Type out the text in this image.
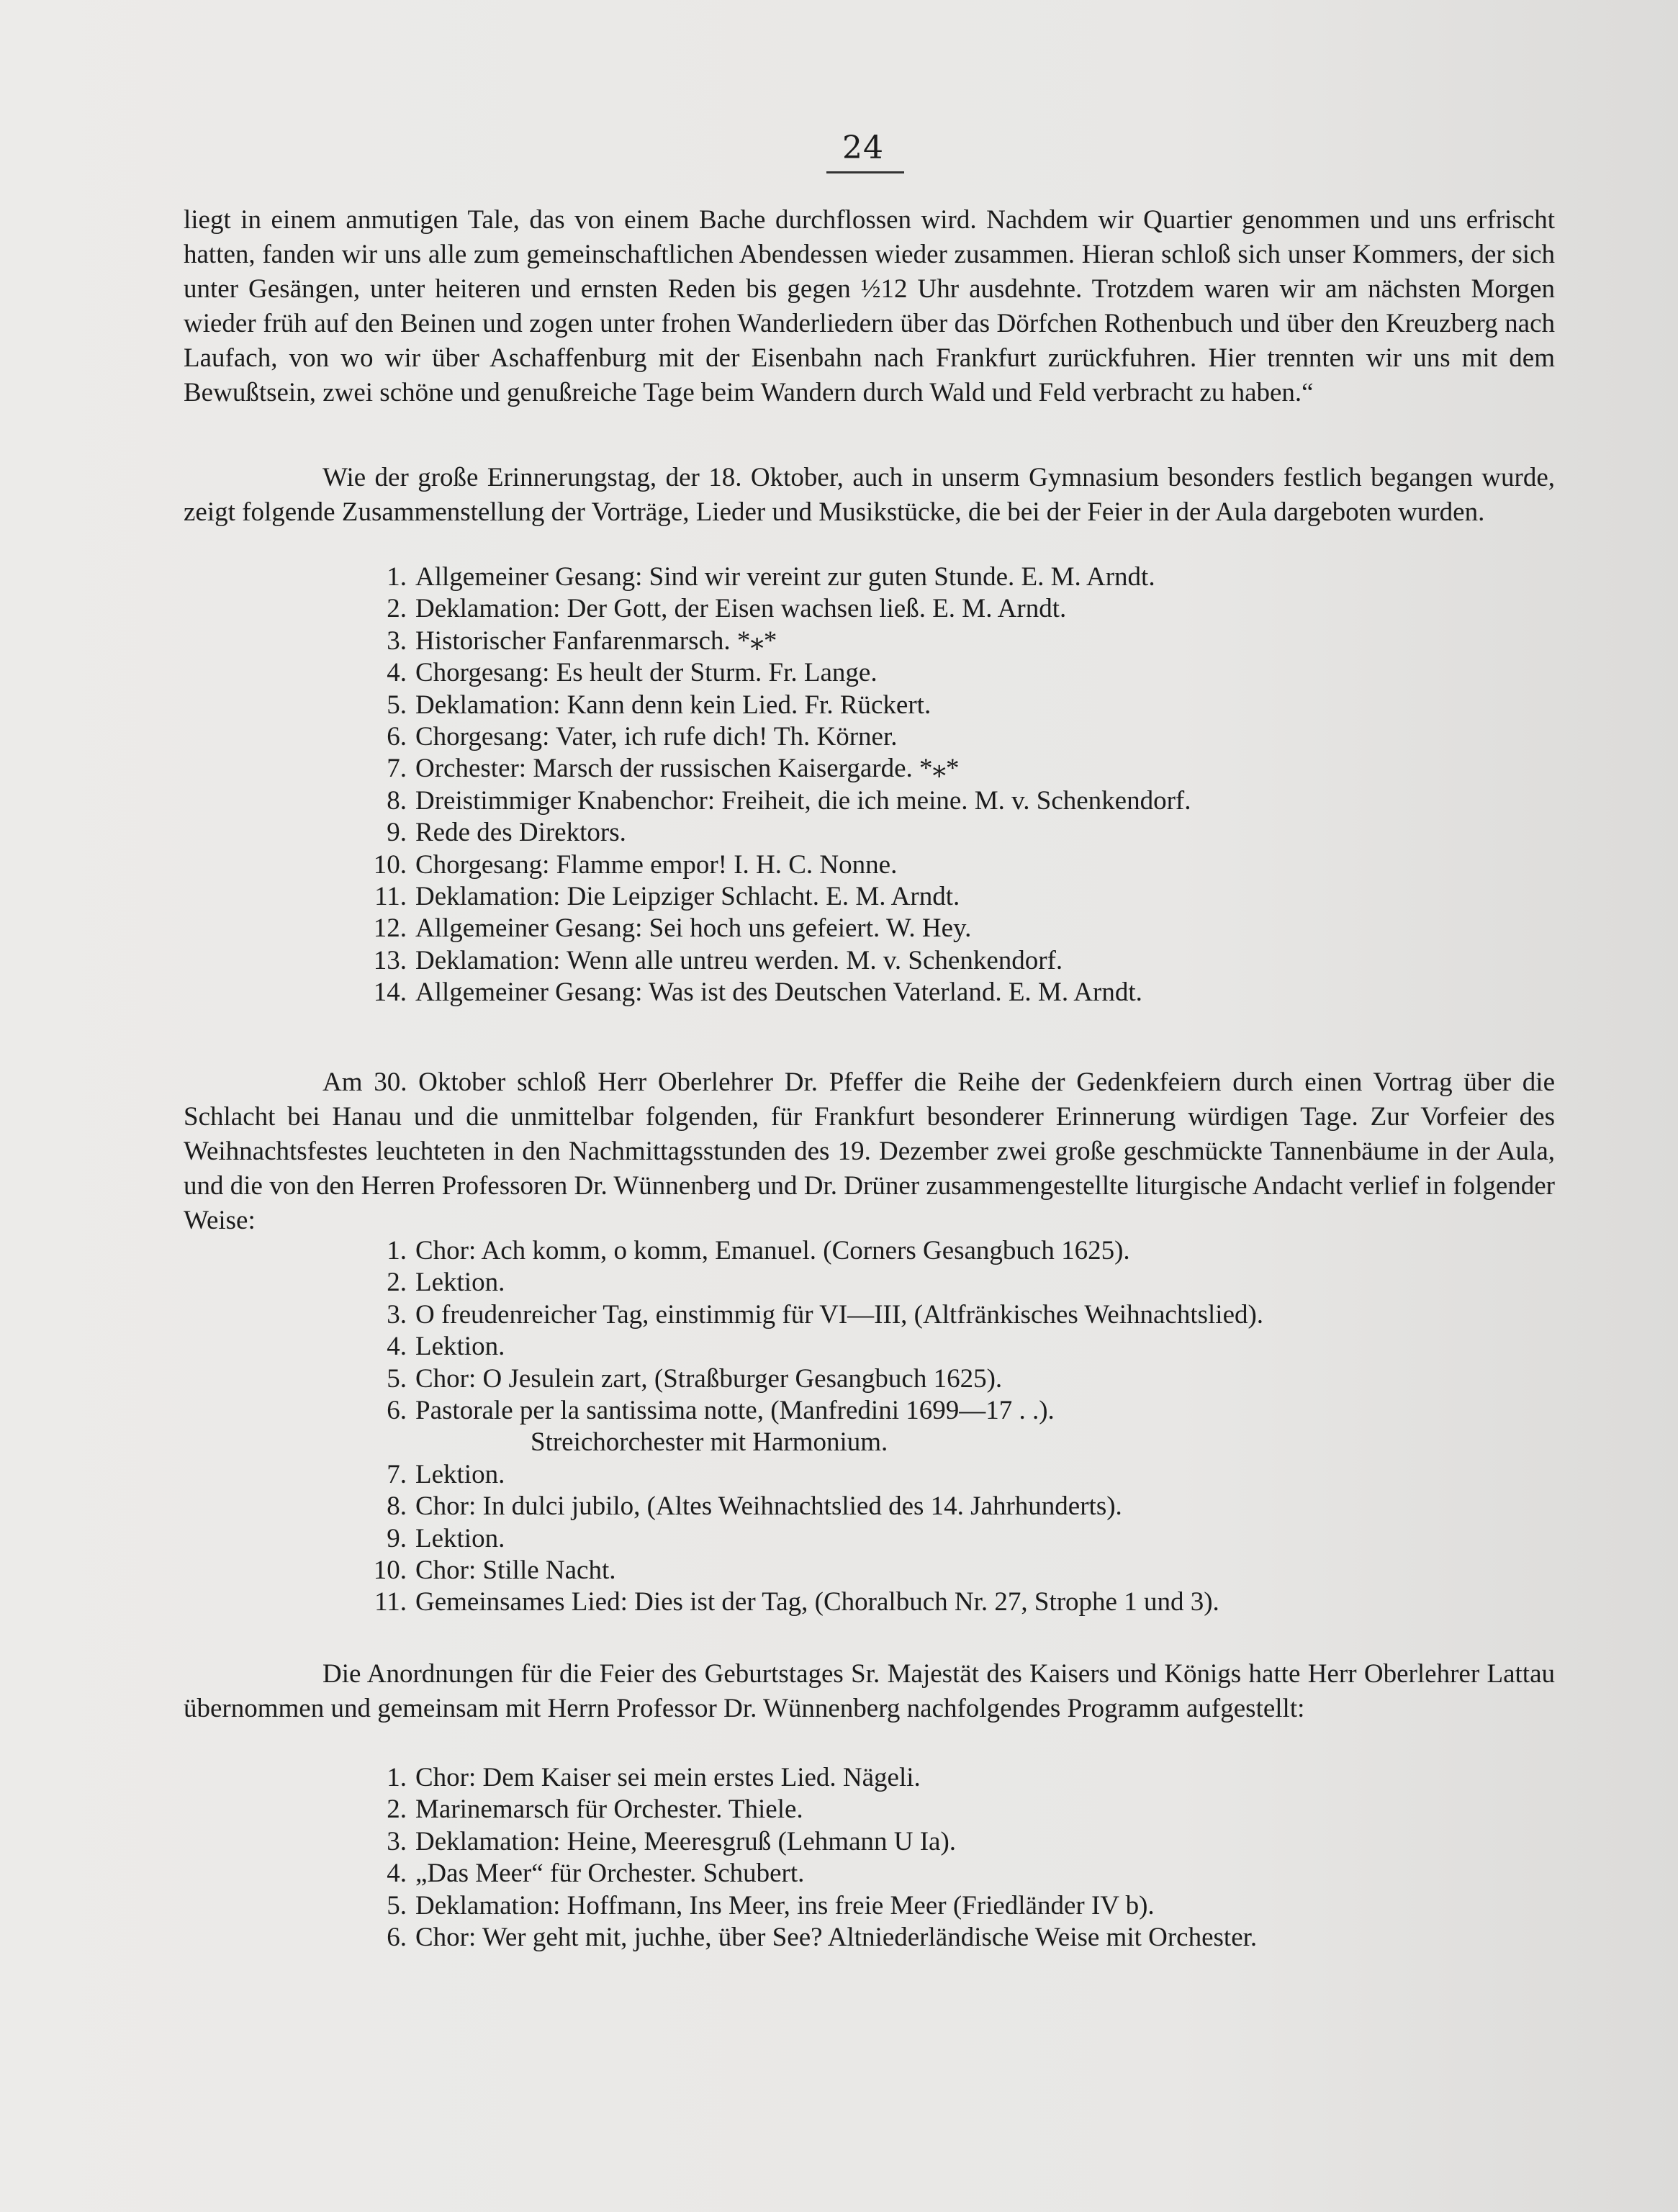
24

liegt in einem anmutigen Tale, das von einem Bache durchflossen wird. Nachdem wir Quartier genommen und uns erfrischt hatten, fanden wir uns alle zum gemeinschaftlichen Abendessen wieder zusammen. Hieran schloß sich unser Kommers, der sich unter Gesängen, unter heiteren und ernsten Reden bis gegen ½12 Uhr ausdehnte. Trotzdem waren wir am nächsten Morgen wieder früh auf den Beinen und zogen unter frohen Wanderliedern über das Dörfchen Rothenbuch und über den Kreuzberg nach Laufach, von wo wir über Aschaffenburg mit der Eisenbahn nach Frankfurt zurückfuhren. Hier trennten wir uns mit dem Bewußtsein, zwei schöne und genußreiche Tage beim Wandern durch Wald und Feld verbracht zu haben.“

Wie der große Erinnerungstag, der 18. Oktober, auch in unserm Gymnasium besonders festlich begangen wurde, zeigt folgende Zusammenstellung der Vorträge, Lieder und Musikstücke, die bei der Feier in der Aula dargeboten wurden.

1. Allgemeiner Gesang: Sind wir vereint zur guten Stunde. E. M. Arndt.
2. Deklamation: Der Gott, der Eisen wachsen ließ. E. M. Arndt.
3. Historischer Fanfarenmarsch. *⁎*
4. Chorgesang: Es heult der Sturm. Fr. Lange.
5. Deklamation: Kann denn kein Lied. Fr. Rückert.
6. Chorgesang: Vater, ich rufe dich! Th. Körner.
7. Orchester: Marsch der russischen Kaisergarde. *⁎*
8. Dreistimmiger Knabenchor: Freiheit, die ich meine. M. v. Schenkendorf.
9. Rede des Direktors.
10. Chorgesang: Flamme empor! I. H. C. Nonne.
11. Deklamation: Die Leipziger Schlacht. E. M. Arndt.
12. Allgemeiner Gesang: Sei hoch uns gefeiert. W. Hey.
13. Deklamation: Wenn alle untreu werden. M. v. Schenkendorf.
14. Allgemeiner Gesang: Was ist des Deutschen Vaterland. E. M. Arndt.

Am 30. Oktober schloß Herr Oberlehrer Dr. Pfeffer die Reihe der Gedenkfeiern durch einen Vortrag über die Schlacht bei Hanau und die unmittelbar folgenden, für Frankfurt besonderer Erinnerung würdigen Tage. Zur Vorfeier des Weihnachtsfestes leuchteten in den Nachmittagsstunden des 19. Dezember zwei große geschmückte Tannenbäume in der Aula, und die von den Herren Professoren Dr. Wünnenberg und Dr. Drüner zusammengestellte liturgische Andacht verlief in folgender Weise:

1. Chor: Ach komm, o komm, Emanuel. (Corners Gesangbuch 1625).
2. Lektion.
3. O freudenreicher Tag, einstimmig für VI—III, (Altfränkisches Weihnachtslied).
4. Lektion.
5. Chor: O Jesulein zart, (Straßburger Gesangbuch 1625).
6. Pastorale per la santissima notte, (Manfredini 1699—17 . .).
Streichorchester mit Harmonium.
7. Lektion.
8. Chor: In dulci jubilo, (Altes Weihnachtslied des 14. Jahrhunderts).
9. Lektion.
10. Chor: Stille Nacht.
11. Gemeinsames Lied: Dies ist der Tag, (Choralbuch Nr. 27, Strophe 1 und 3).

Die Anordnungen für die Feier des Geburtstages Sr. Majestät des Kaisers und Königs hatte Herr Oberlehrer Lattau übernommen und gemeinsam mit Herrn Professor Dr. Wünnenberg nachfolgendes Programm aufgestellt:

1. Chor: Dem Kaiser sei mein erstes Lied. Nägeli.
2. Marinemarsch für Orchester. Thiele.
3. Deklamation: Heine, Meeresgruß (Lehmann U Ia).
4. „Das Meer“ für Orchester. Schubert.
5. Deklamation: Hoffmann, Ins Meer, ins freie Meer (Friedländer IV b).
6. Chor: Wer geht mit, juchhe, über See? Altniederländische Weise mit Orchester.
